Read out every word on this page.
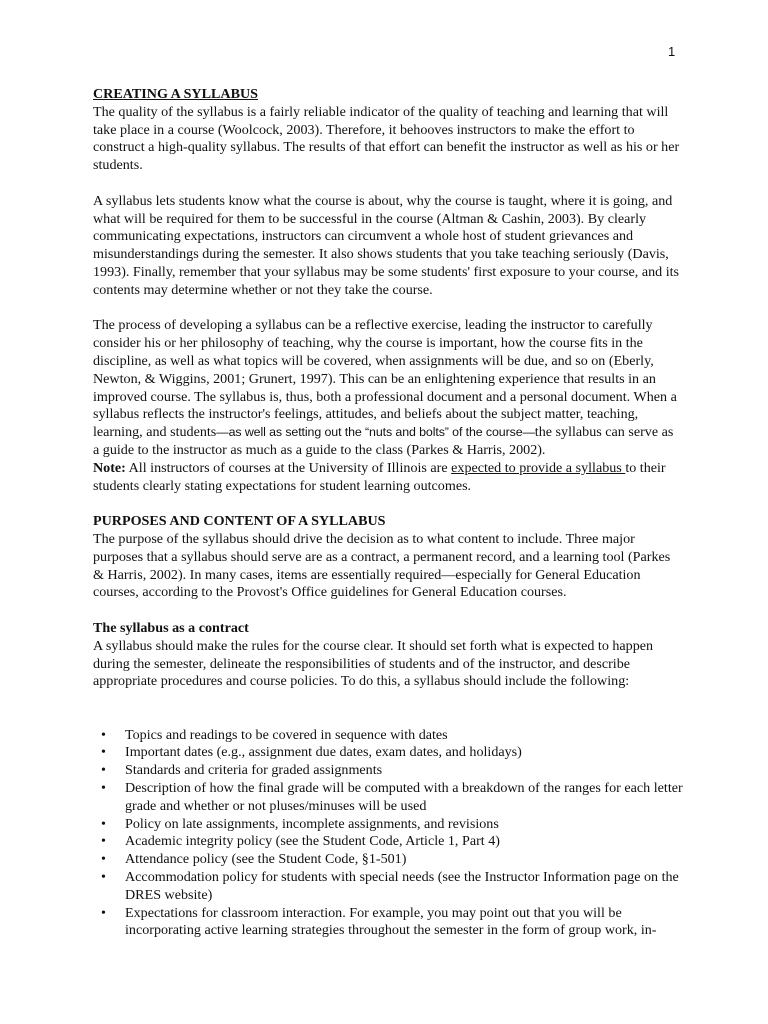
1

CREATING A SYLLABUS

The quality of the syllabus is a fairly reliable indicator of the quality of teaching and learning that will take place in a course (Woolcock, 2003). Therefore, it behooves instructors to make the effort to construct a high-quality syllabus. The results of that effort can benefit the instructor as well as his or her students.

A syllabus lets students know what the course is about, why the course is taught, where it is going, and what will be required for them to be successful in the course (Altman & Cashin, 2003). By clearly communicating expectations, instructors can circumvent a whole host of student grievances and misunderstandings during the semester. It also shows students that you take teaching seriously (Davis, 1993). Finally, remember that your syllabus may be some students' first exposure to your course, and its contents may determine whether or not they take the course.

The process of developing a syllabus can be a reflective exercise, leading the instructor to carefully consider his or her philosophy of teaching, why the course is important, how the course fits in the discipline, as well as what topics will be covered, when assignments will be due, and so on (Eberly, Newton, & Wiggins, 2001; Grunert, 1997). This can be an enlightening experience that results in an improved course. The syllabus is, thus, both a professional document and a personal document. When a syllabus reflects the instructor's feelings, attitudes, and beliefs about the subject matter, teaching, learning, and students—as well as setting out the “nuts and bolts” of the course—the syllabus can serve as a guide to the instructor as much as a guide to the class (Parkes & Harris, 2002).

Note: All instructors of courses at the University of Illinois are expected to provide a syllabus to their students clearly stating expectations for student learning outcomes.

PURPOSES AND CONTENT OF A SYLLABUS

The purpose of the syllabus should drive the decision as to what content to include. Three major purposes that a syllabus should serve are as a contract, a permanent record, and a learning tool (Parkes & Harris, 2002). In many cases, items are essentially required—especially for General Education courses, according to the Provost's Office guidelines for General Education courses.

The syllabus as a contract

A syllabus should make the rules for the course clear. It should set forth what is expected to happen during the semester, delineate the responsibilities of students and of the instructor, and describe appropriate procedures and course policies. To do this, a syllabus should include the following:

• Topics and readings to be covered in sequence with dates
• Important dates (e.g., assignment due dates, exam dates, and holidays)
• Standards and criteria for graded assignments
• Description of how the final grade will be computed with a breakdown of the ranges for each letter grade and whether or not pluses/minuses will be used
• Policy on late assignments, incomplete assignments, and revisions
• Academic integrity policy (see the Student Code, Article 1, Part 4)
• Attendance policy (see the Student Code, §1-501)
• Accommodation policy for students with special needs (see the Instructor Information page on the DRES website)
• Expectations for classroom interaction. For example, you may point out that you will be incorporating active learning strategies throughout the semester in the form of group work, in-
